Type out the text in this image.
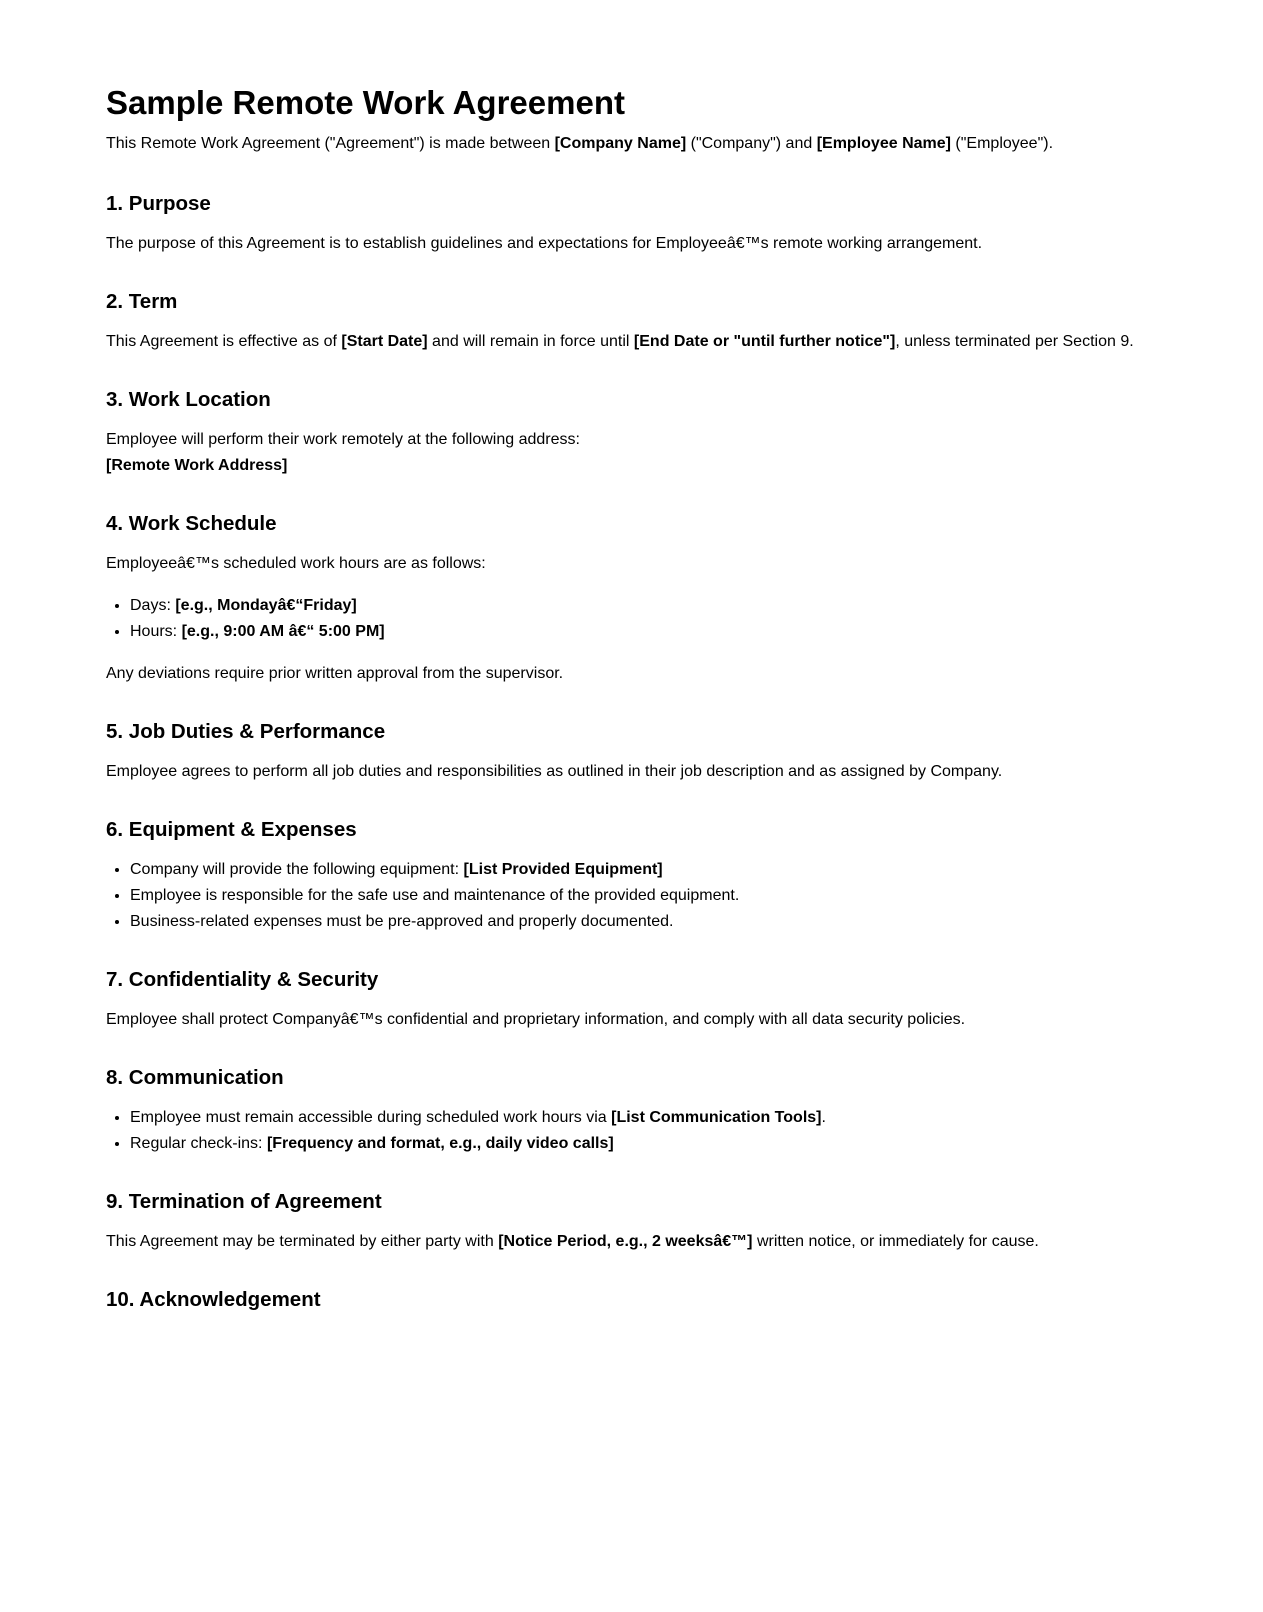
Sample Remote Work Agreement

This Remote Work Agreement ("Agreement") is made between [Company Name] ("Company") and [Employee Name] ("Employee").

1. Purpose

The purpose of this Agreement is to establish guidelines and expectations for Employeeâ€™s remote working arrangement.

2. Term

This Agreement is effective as of [Start Date] and will remain in force until [End Date or "until further notice"], unless terminated per Section 9.

3. Work Location

Employee will perform their work remotely at the following address:

[Remote Work Address]

4. Work Schedule

Employeeâ€™s scheduled work hours are as follows:

• Days: [e.g., Mondayâ€“Friday]
• Hours: [e.g., 9:00 AM â€“ 5:00 PM]

Any deviations require prior written approval from the supervisor.

5. Job Duties & Performance

Employee agrees to perform all job duties and responsibilities as outlined in their job description and as assigned by Company.

6. Equipment & Expenses
• Company will provide the following equipment: [List Provided Equipment]
• Employee is responsible for the safe use and maintenance of the provided equipment.
• Business-related expenses must be pre-approved and properly documented.
7. Confidentiality & Security

Employee shall protect Companyâ€™s confidential and proprietary information, and comply with all data security policies.

8. Communication
• Employee must remain accessible during scheduled work hours via [List Communication Tools].
• Regular check-ins: [Frequency and format, e.g., daily video calls]
9. Termination of Agreement

This Agreement may be terminated by either party with [Notice Period, e.g., 2 weeksâ€™] written notice, or immediately for cause.

10. Acknowledgement
